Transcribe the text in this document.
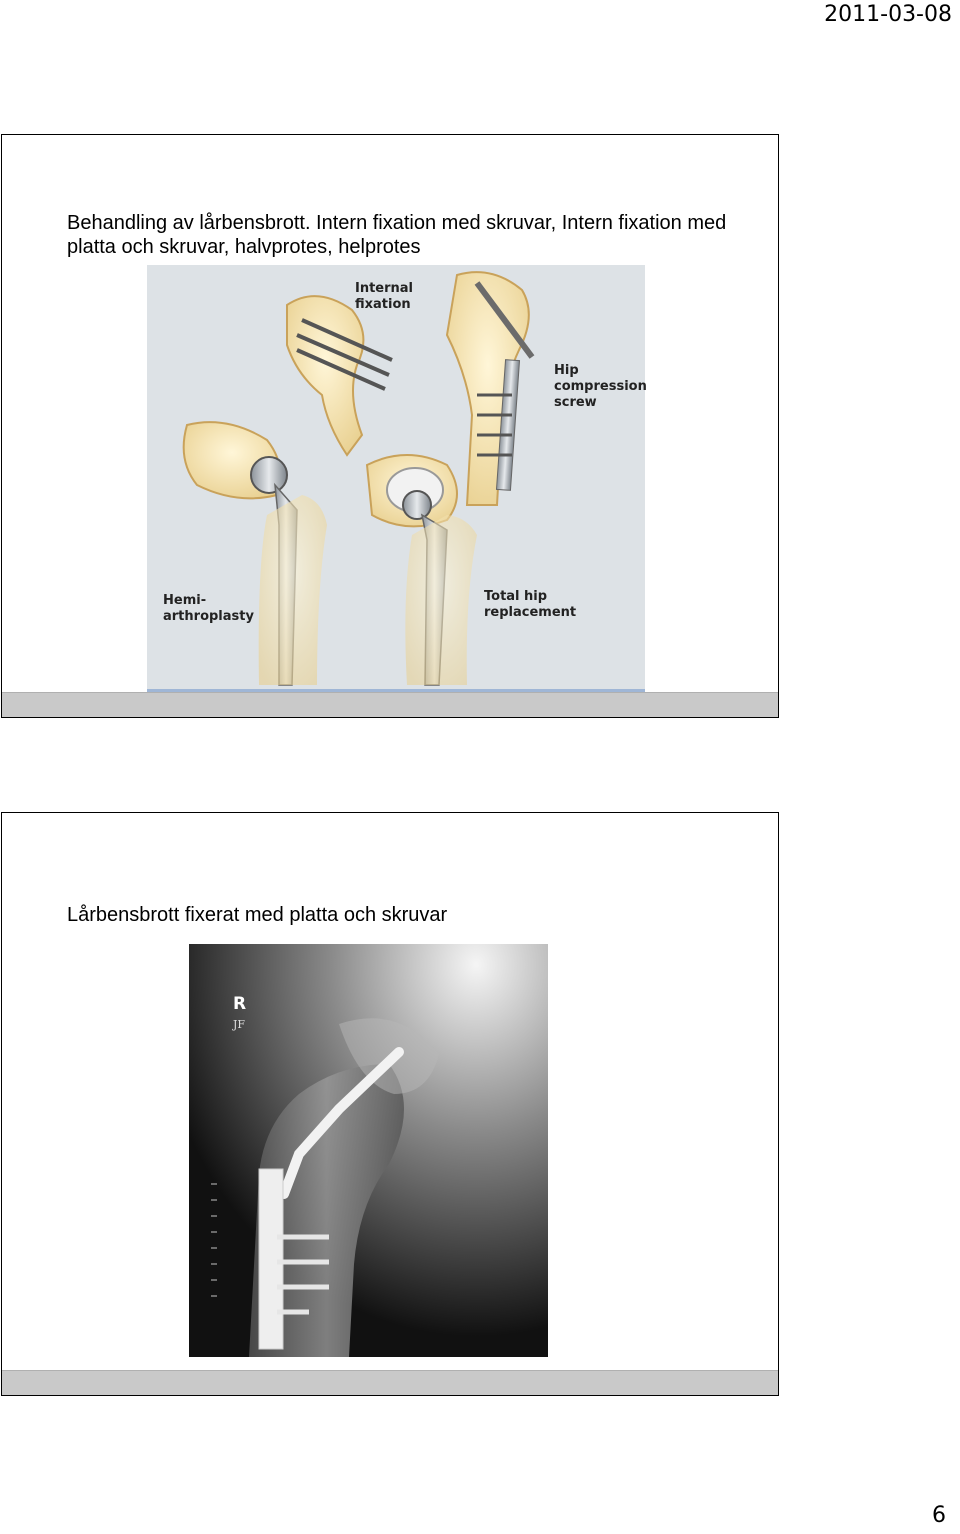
2011-03-08
Behandling av lårbensbrott. Intern fixation med skruvar, Intern fixation med platta och skruvar, halvprotes, helprotes
Internal fixation
Hip compression screw
Hemi-
arthroplasty
Total hip replacement
Lårbensbrott fixerat med platta och skruvar
R
JF
6
